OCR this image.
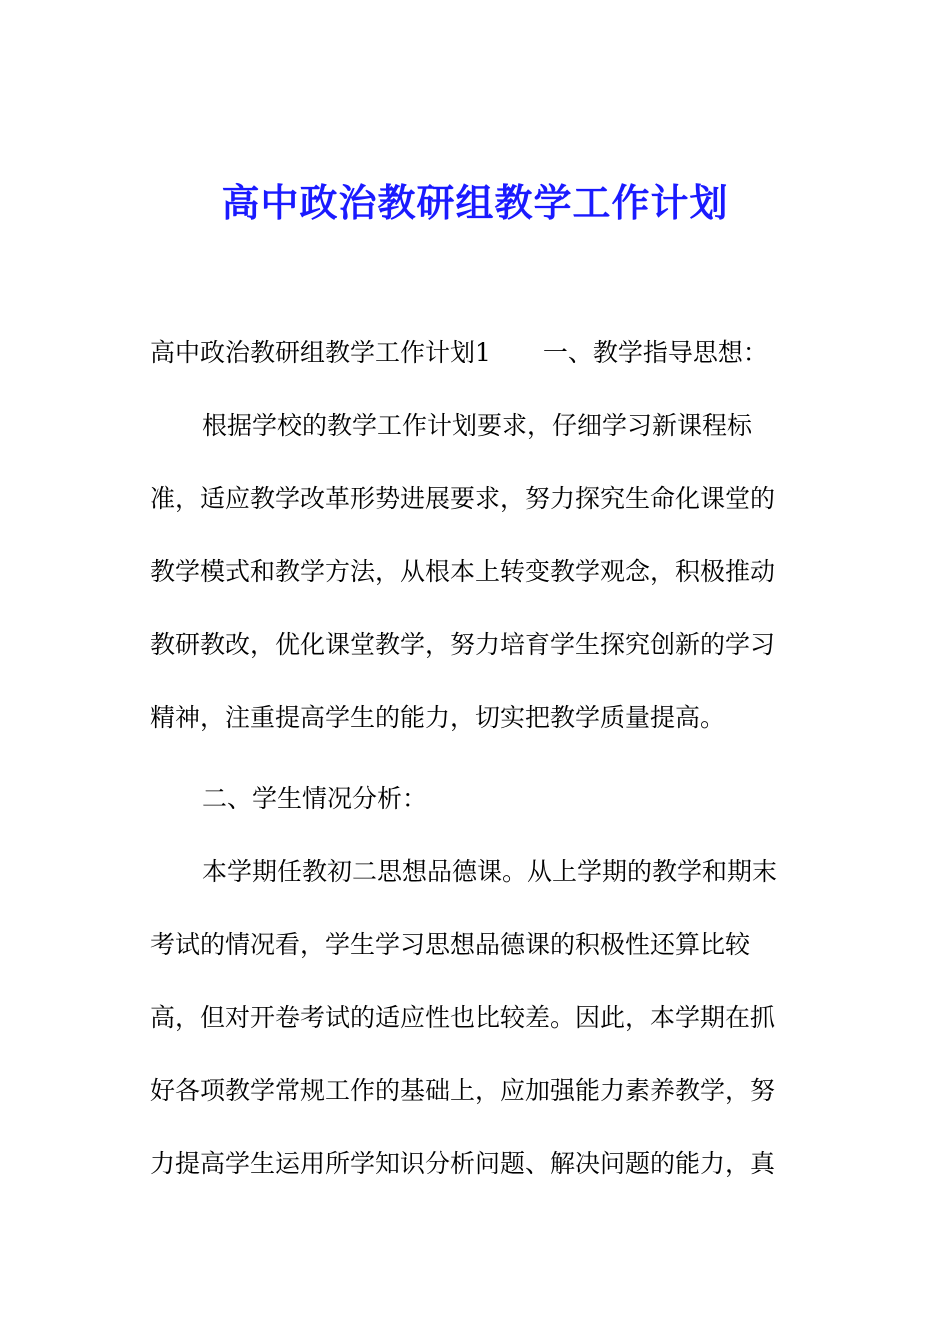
高中政治教研组教学工作计划
高中政治教研组教学工作计划1 一、教学指导思想：
根据学校的教学工作计划要求，仔细学习新课程标
准，适应教学改革形势进展要求，努力探究生命化课堂的
教学模式和教学方法，从根本上转变教学观念，积极推动
教研教改，优化课堂教学，努力培育学生探究创新的学习
精神，注重提高学生的能力，切实把教学质量提高。
二、学生情况分析：
本学期任教初二思想品德课。从上学期的教学和期末
考试的情况看，学生学习思想品德课的积极性还算比较
高，但对开卷考试的适应性也比较差。因此，本学期在抓
好各项教学常规工作的基础上，应加强能力素养教学，努
力提高学生运用所学知识分析问题、解决问题的能力，真
